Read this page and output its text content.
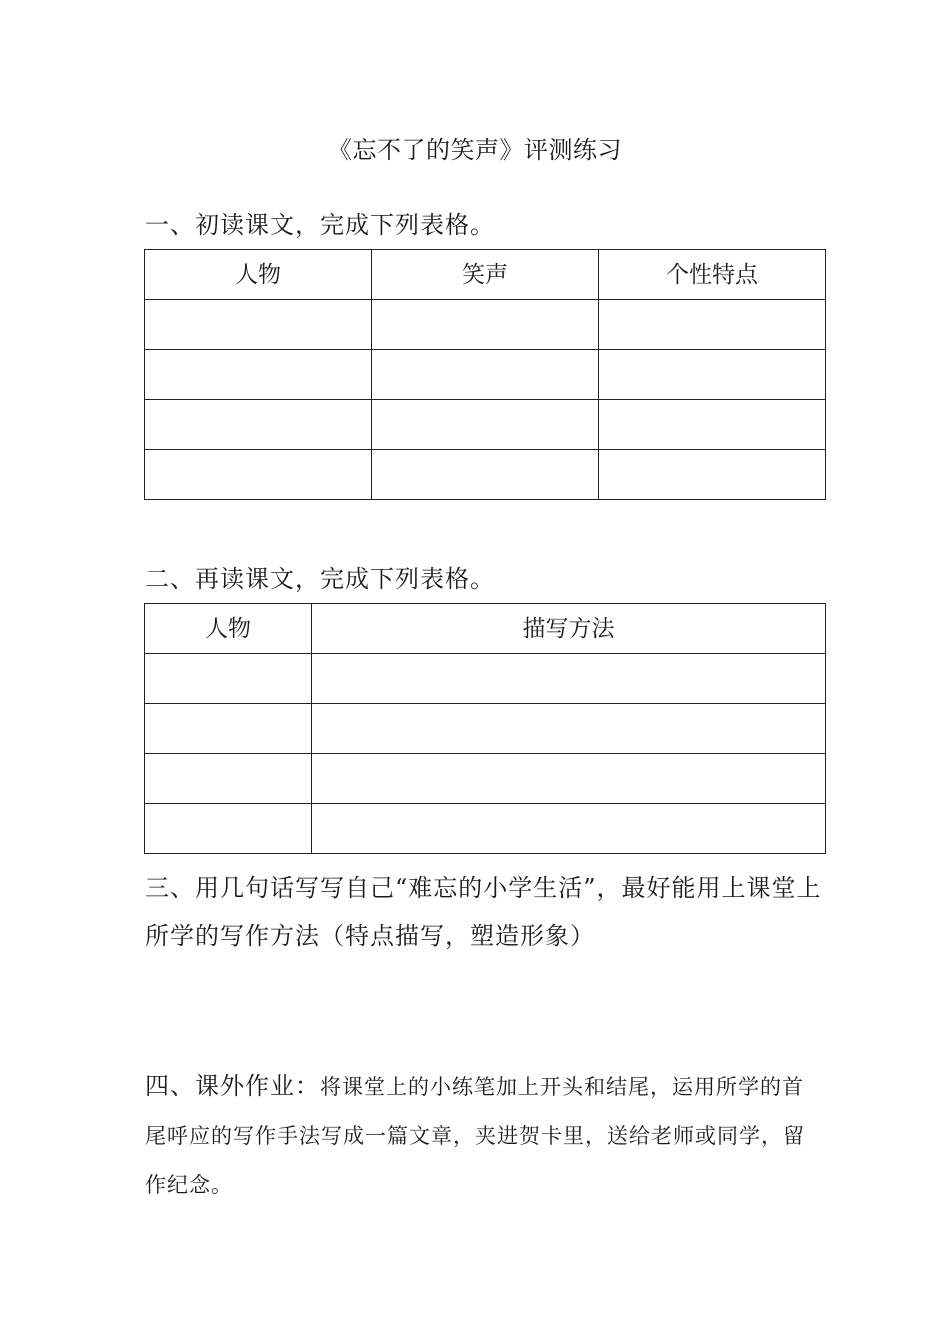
《忘不了的笑声》评测练习
一、初读课文，完成下列表格。
人物	笑声	个性特点

二、再读课文，完成下列表格。
人物	描写方法

三、用几句话写写自己“难忘的小学生活”，最好能用上课堂上所学的写作方法（特点描写，塑造形象）
四、课外作业：将课堂上的小练笔加上开头和结尾，运用所学的首尾呼应的写作手法写成一篇文章，夹进贺卡里，送给老师或同学，留作纪念。
